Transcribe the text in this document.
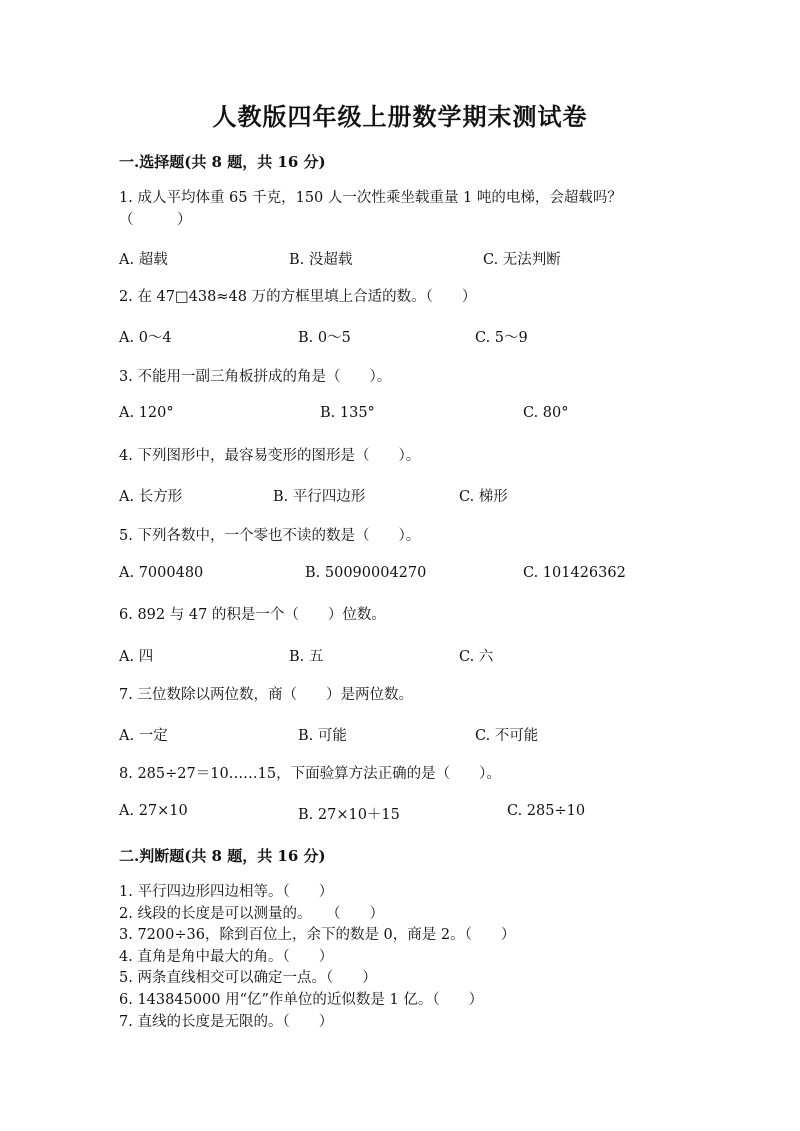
人教版四年级上册数学期末测试卷
一.选择题(共 8 题，共 16 分)
1. 成人平均体重 65 千克，150 人一次性乘坐载重量 1 吨的电梯，会超载吗？（　　　）
A. 超载	B. 没超载	C. 无法判断
2. 在 47□438≈48 万的方框里填上合适的数。（　　）
A. 0～4	B. 0～5	C. 5～9
3. 不能用一副三角板拼成的角是（　　）。
A. 120°	B. 135°	C. 80°
4. 下列图形中，最容易变形的图形是（　　）。
A. 长方形	B. 平行四边形	C. 梯形
5. 下列各数中，一个零也不读的数是（　　）。
A. 7000480	B. 50090004270	C. 101426362
6. 892 与 47 的积是一个（　　）位数。
A. 四	B. 五	C. 六
7. 三位数除以两位数，商（　　）是两位数。
A. 一定	B. 可能	C. 不可能
8. 285÷27＝10……15，下面验算方法正确的是（　　）。
A. 27×10	B. 27×10＋15	C. 285÷10
二.判断题(共 8 题，共 16 分)
1. 平行四边形四边相等。（　　）
2. 线段的长度是可以测量的。　　（　　）
3. 7200÷36，除到百位上，余下的数是 0，商是 2。（　　）
4. 直角是角中最大的角。（　　）
5. 两条直线相交可以确定一点。（　　）
6. 143845000 用“亿”作单位的近似数是 1 亿。（　　）
7. 直线的长度是无限的。（　　）
